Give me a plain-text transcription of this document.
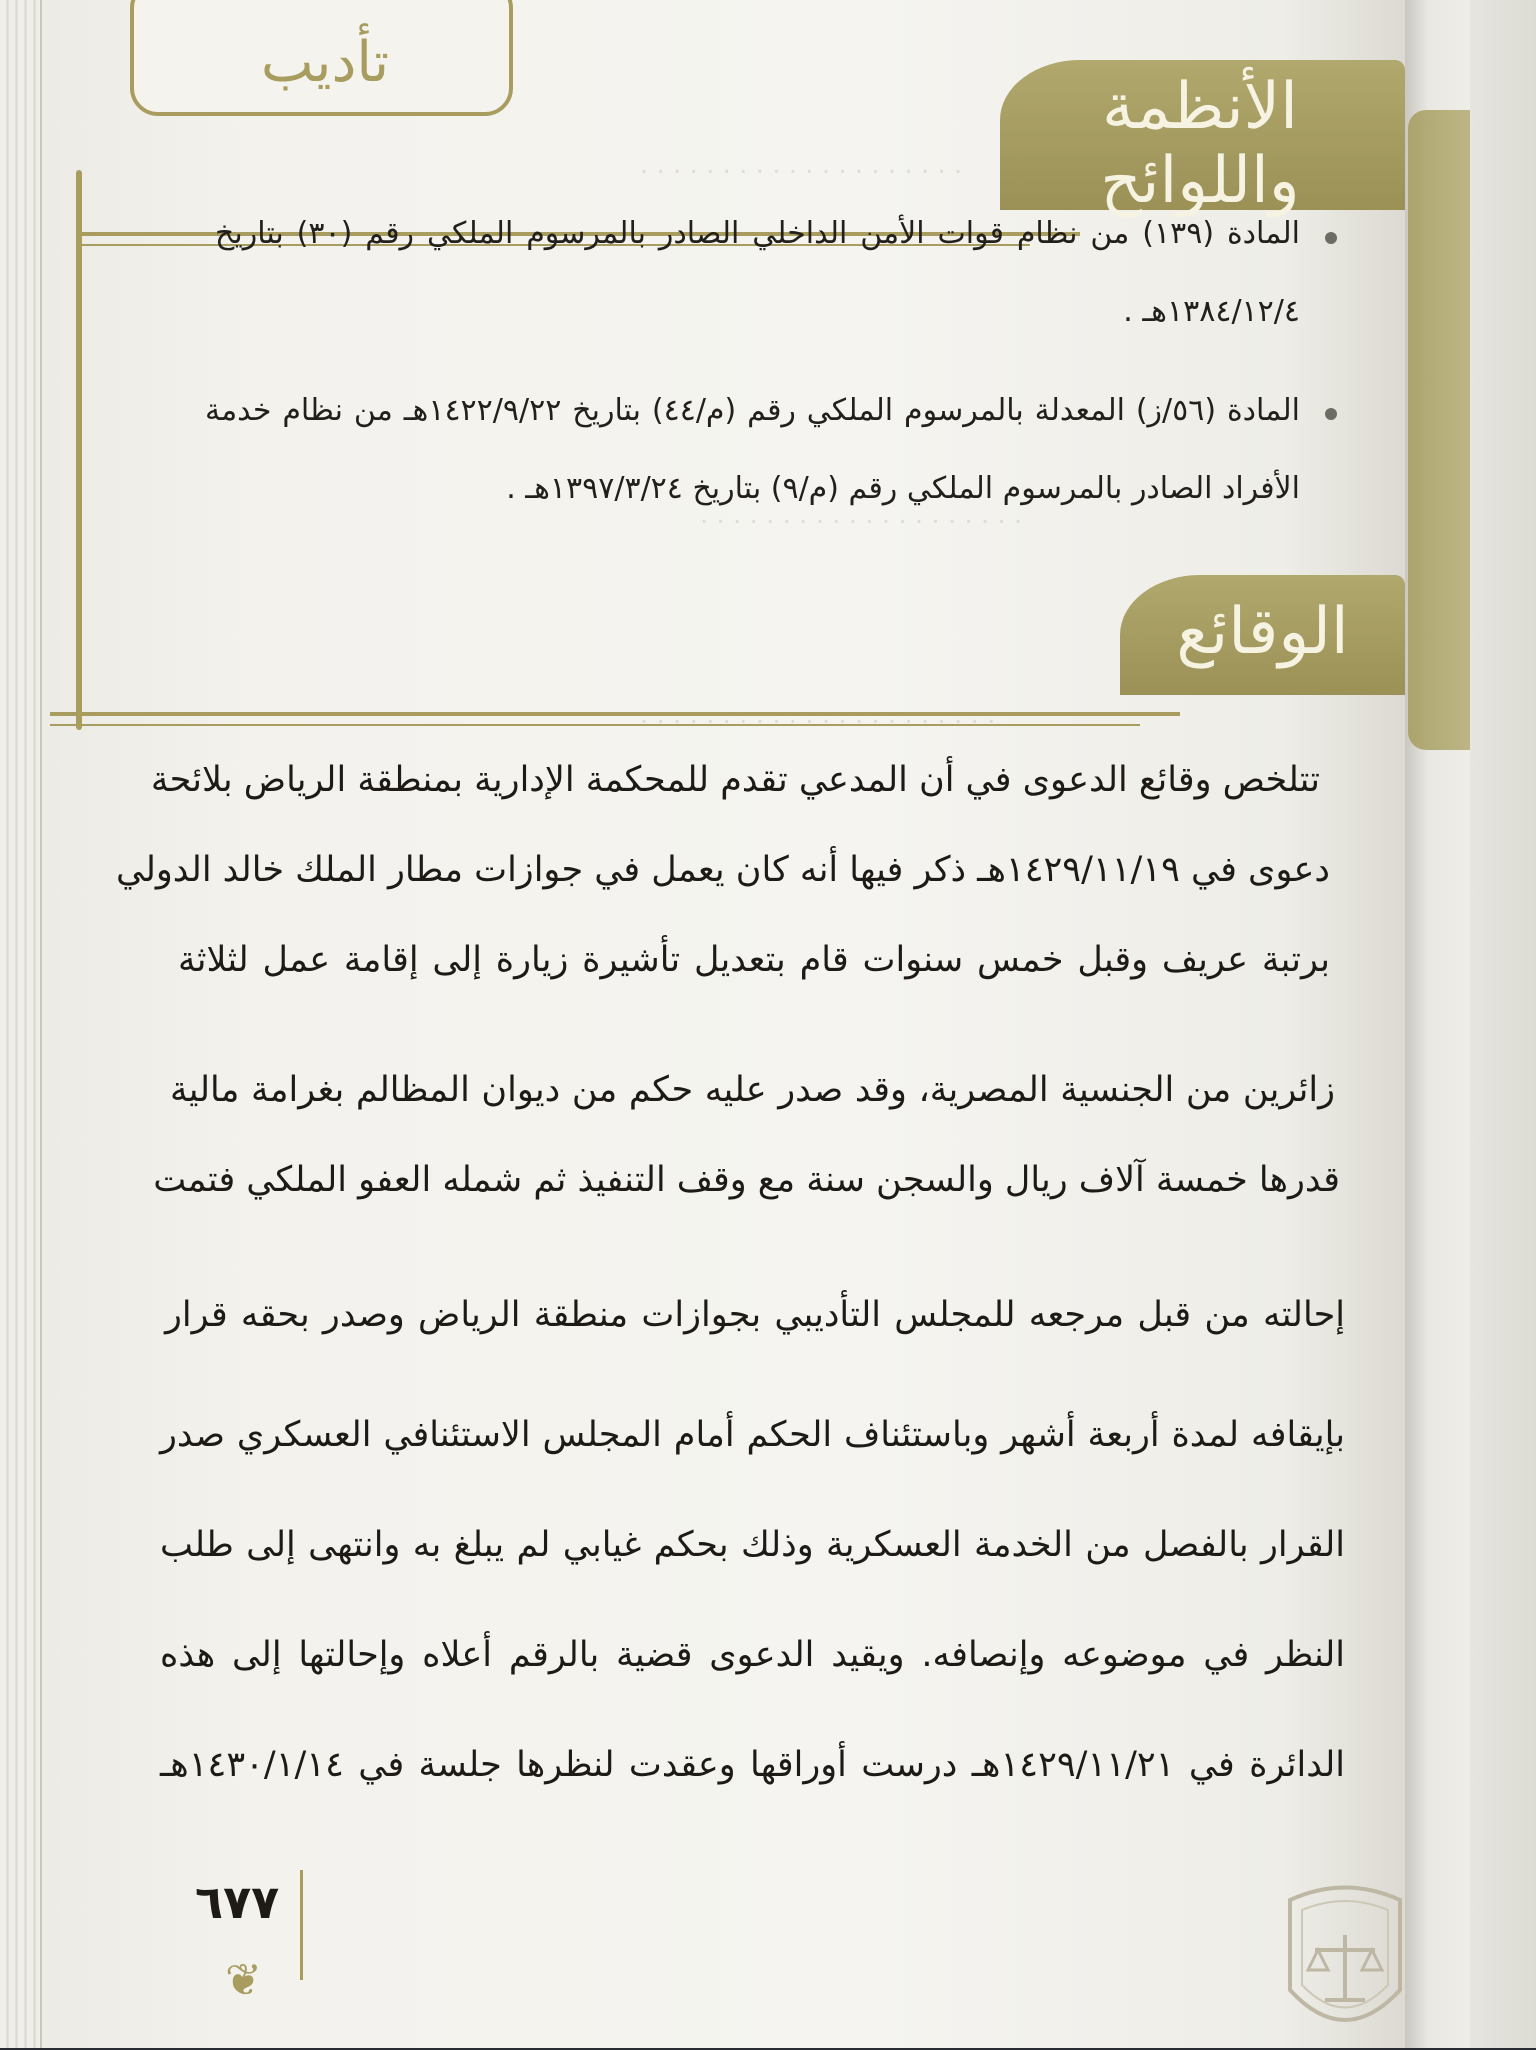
. . . . . . . . . . . . . . . . . . . .
. . . . . . . . . . . . . . . . . . . .
تأديب
الأنظمة واللوائح
المادة (١٣٩) من نظام قوات الأمن الداخلي الصادر بالمرسوم الملكي رقم (٣٠) بتاريخ ١٣٨٤/١٢/٤هـ .
المادة (٥٦/ز) المعدلة بالمرسوم الملكي رقم (م/٤٤) بتاريخ ١٤٢٢/٩/٢٢هـ من نظام خدمة الأفراد الصادر بالمرسوم الملكي رقم (م/٩) بتاريخ ١٣٩٧/٣/٢٤هـ .
الوقائع
تتلخص وقائع الدعوى في أن المدعي تقدم للمحكمة الإدارية بمنطقة الرياض بلائحة
دعوى في ١٤٢٩/١١/١٩هـ ذكر فيها أنه كان يعمل في جوازات مطار الملك خالد الدولي
برتبة عريف وقبل خمس سنوات قام بتعديل تأشيرة زيارة إلى إقامة عمل لثلاثة
زائرين من الجنسية المصرية، وقد صدر عليه حكم من ديوان المظالم بغرامة مالية
قدرها خمسة آلاف ريال والسجن سنة مع وقف التنفيذ ثم شمله العفو الملكي فتمت
إحالته من قبل مرجعه للمجلس التأديبي بجوازات منطقة الرياض وصدر بحقه قرار
بإيقافه لمدة أربعة أشهر وباستئناف الحكم أمام المجلس الاستئنافي العسكري صدر
القرار بالفصل من الخدمة العسكرية وذلك بحكم غيابي لم يبلغ به وانتهى إلى طلب
النظر في موضوعه وإنصافه. ويقيد الدعوى قضية بالرقم أعلاه وإحالتها إلى هذه
الدائرة في ١٤٢٩/١١/٢١هـ درست أوراقها وعقدت لنظرها جلسة في ١٤٣٠/١/١٤هـ
٦٧٧
❦
